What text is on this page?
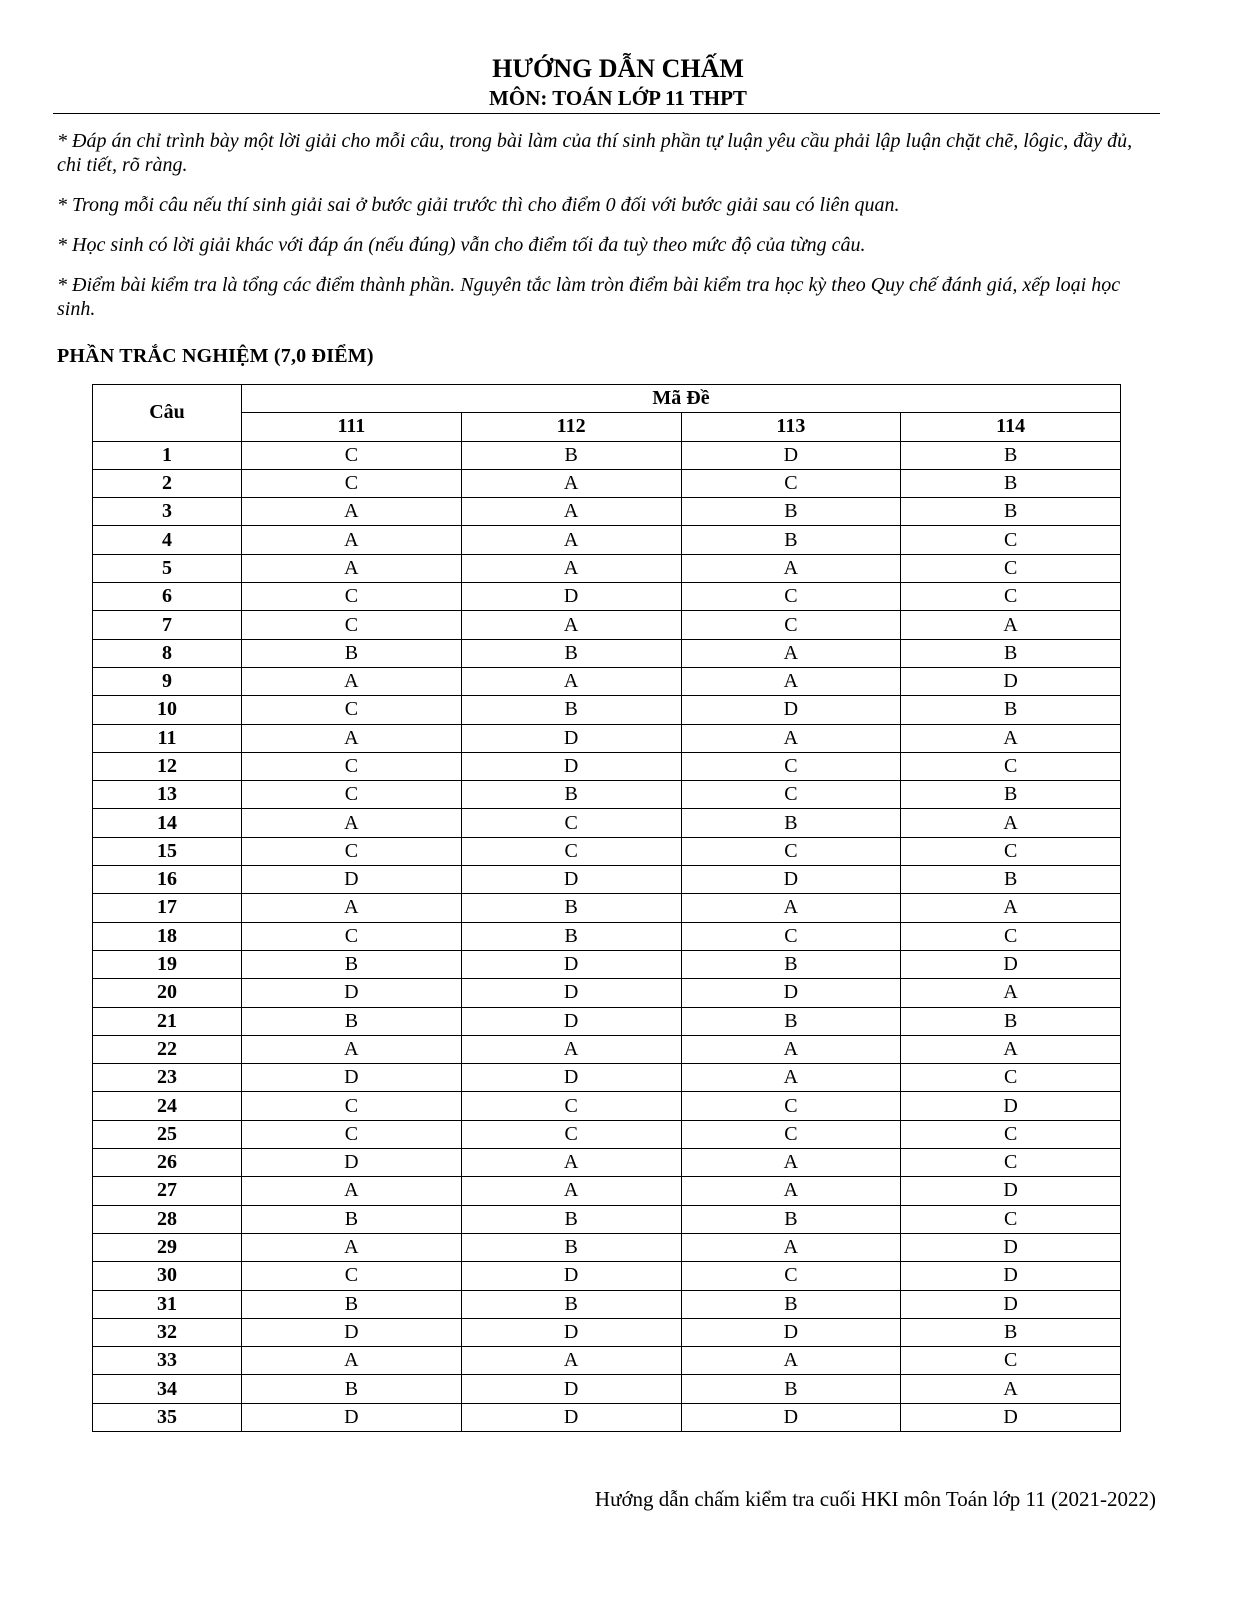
HƯỚNG DẪN CHẤM
MÔN: TOÁN LỚP 11 THPT

* Đáp án chỉ trình bày một lời giải cho mỗi câu, trong bài làm của thí sinh phần tự luận yêu cầu phải lập luận chặt chẽ, lôgic, đầy đủ, chi tiết, rõ ràng.

* Trong mỗi câu nếu thí sinh giải sai ở bước giải trước thì cho điểm 0 đối với bước giải sau có liên quan.

* Học sinh có lời giải khác với đáp án (nếu đúng) vẫn cho điểm tối đa tuỳ theo mức độ của từng câu.

* Điểm bài kiểm tra là tổng các điểm thành phần. Nguyên tắc làm tròn điểm bài kiểm tra học kỳ theo Quy chế đánh giá, xếp loại học sinh.

PHẦN TRẮC NGHIỆM (7,0 ĐIỂM)
Câu	Mã Đề			
	111	112	113	114
1	C	B	D	B
2	C	A	C	B
3	A	A	B	B
4	A	A	B	C
5	A	A	A	C
6	C	D	C	C
7	C	A	C	A
8	B	B	A	B
9	A	A	A	D
10	C	B	D	B
11	A	D	A	A
12	C	D	C	C
13	C	B	C	B
14	A	C	B	A
15	C	C	C	C
16	D	D	D	B
17	A	B	A	A
18	C	B	C	C
19	B	D	B	D
20	D	D	D	A
21	B	D	B	B
22	A	A	A	A
23	D	D	A	C
24	C	C	C	D
25	C	C	C	C
26	D	A	A	C
27	A	A	A	D
28	B	B	B	C
29	A	B	A	D
30	C	D	C	D
31	B	B	B	D
32	D	D	D	B
33	A	A	A	C
34	B	D	B	A
35	D	D	D	D
Hướng dẫn chấm kiểm tra cuối HKI môn Toán lớp 11 (2021-2022)
